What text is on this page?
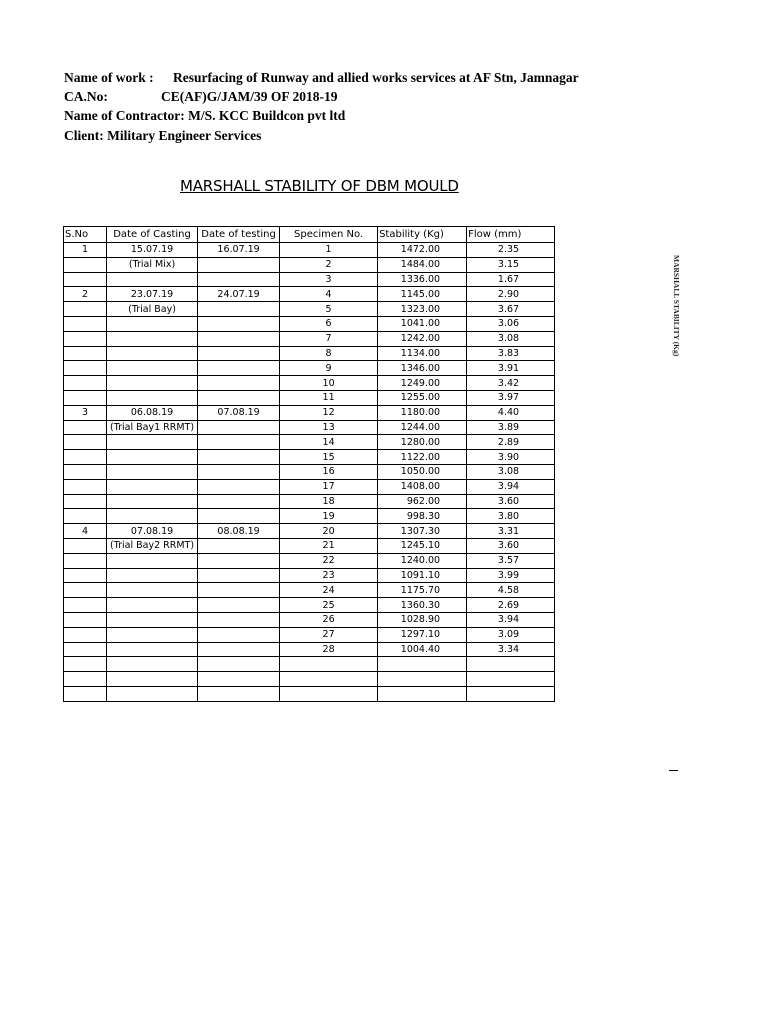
Name of work : Resurfacing of Runway and allied works services at AF Stn, Jamnagar
CA.No:	CE(AF)G/JAM/39 OF 2018-19
Name of Contractor: M/S. KCC Buildcon pvt ltd
Client: Military Engineer Services
MARSHALL STABILITY OF DBM MOULD
S.No	Date of Casting	Date of testing	Specimen No.	Stability (Kg)	Flow (mm)
1	15.07.19	16.07.19	1	1472.00	2.35
	(Trial Mix)		2	1484.00	3.15
			3	1336.00	1.67
2	23.07.19	24.07.19	4	1145.00	2.90
	(Trial Bay)		5	1323.00	3.67
			6	1041.00	3.06
			7	1242.00	3.08
			8	1134.00	3.83
			9	1346.00	3.91
			10	1249.00	3.42
			11	1255.00	3.97
3	06.08.19	07.08.19	12	1180.00	4.40
	(Trial Bay1 RRMT)		13	1244.00	3.89
			14	1280.00	2.89
			15	1122.00	3.90
			16	1050.00	3.08
			17	1408.00	3.94
			18	962.00	3.60
			19	998.30	3.80
4	07.08.19	08.08.19	20	1307.30	3.31
	(Trial Bay2 RRMT)		21	1245.10	3.60
			22	1240.00	3.57
			23	1091.10	3.99
			24	1175.70	4.58
			25	1360.30	2.69
			26	1028.90	3.94
			27	1297.10	3.09
			28	1004.40	3.34

MARSHALL STABILITY (Kg)
